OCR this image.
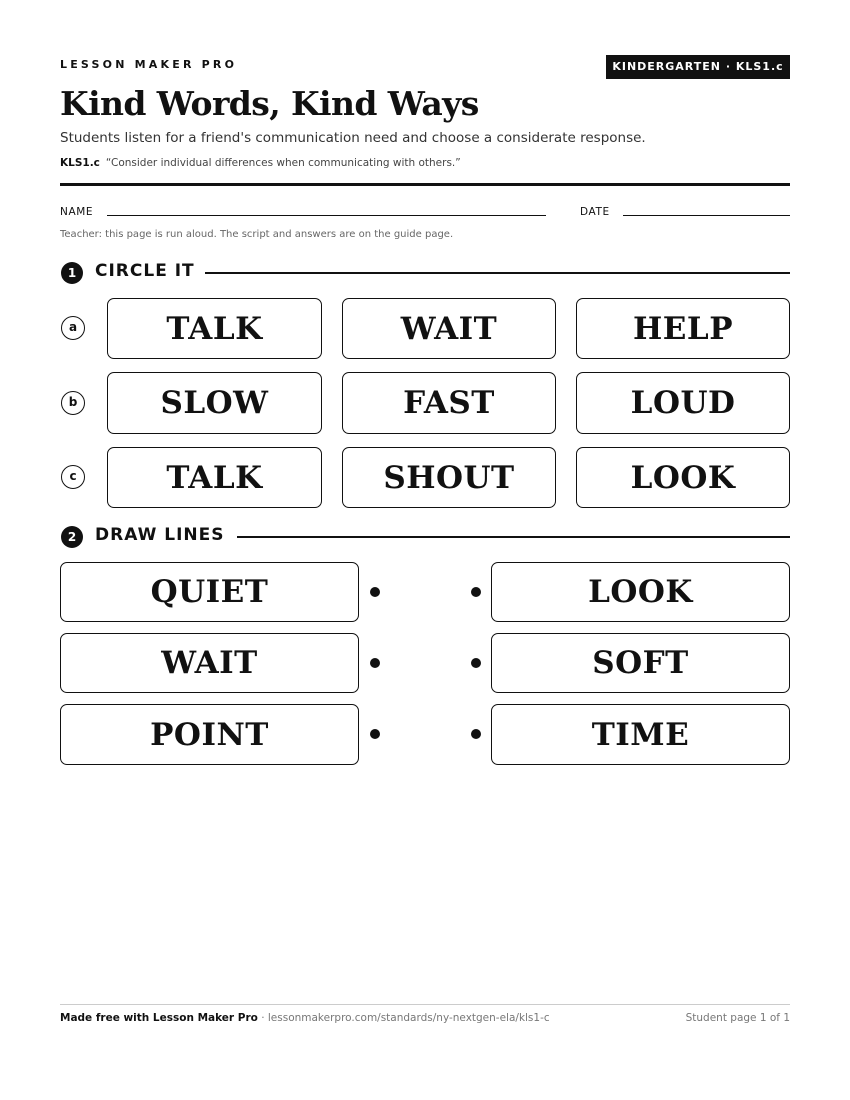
LESSON MAKER PRO	KINDERGARTEN · KLS1.c
Kind Words, Kind Ways
Students listen for a friend's communication need and choose a considerate response.
KLS1.c “Consider individual differences when communicating with others.”
NAME	DATE
Teacher: this page is run aloud. The script and answers are on the guide page.
1	CIRCLE IT
a	TALK	WAIT	HELP
b	SLOW	FAST	LOUD
c	TALK	SHOUT	LOOK
2	DRAW LINES
QUIET	LOOK
WAIT	SOFT
POINT	TIME
Made free with Lesson Maker Pro · lessonmakerpro.com/standards/ny-nextgen-ela/kls1-c	Student page 1 of 1
